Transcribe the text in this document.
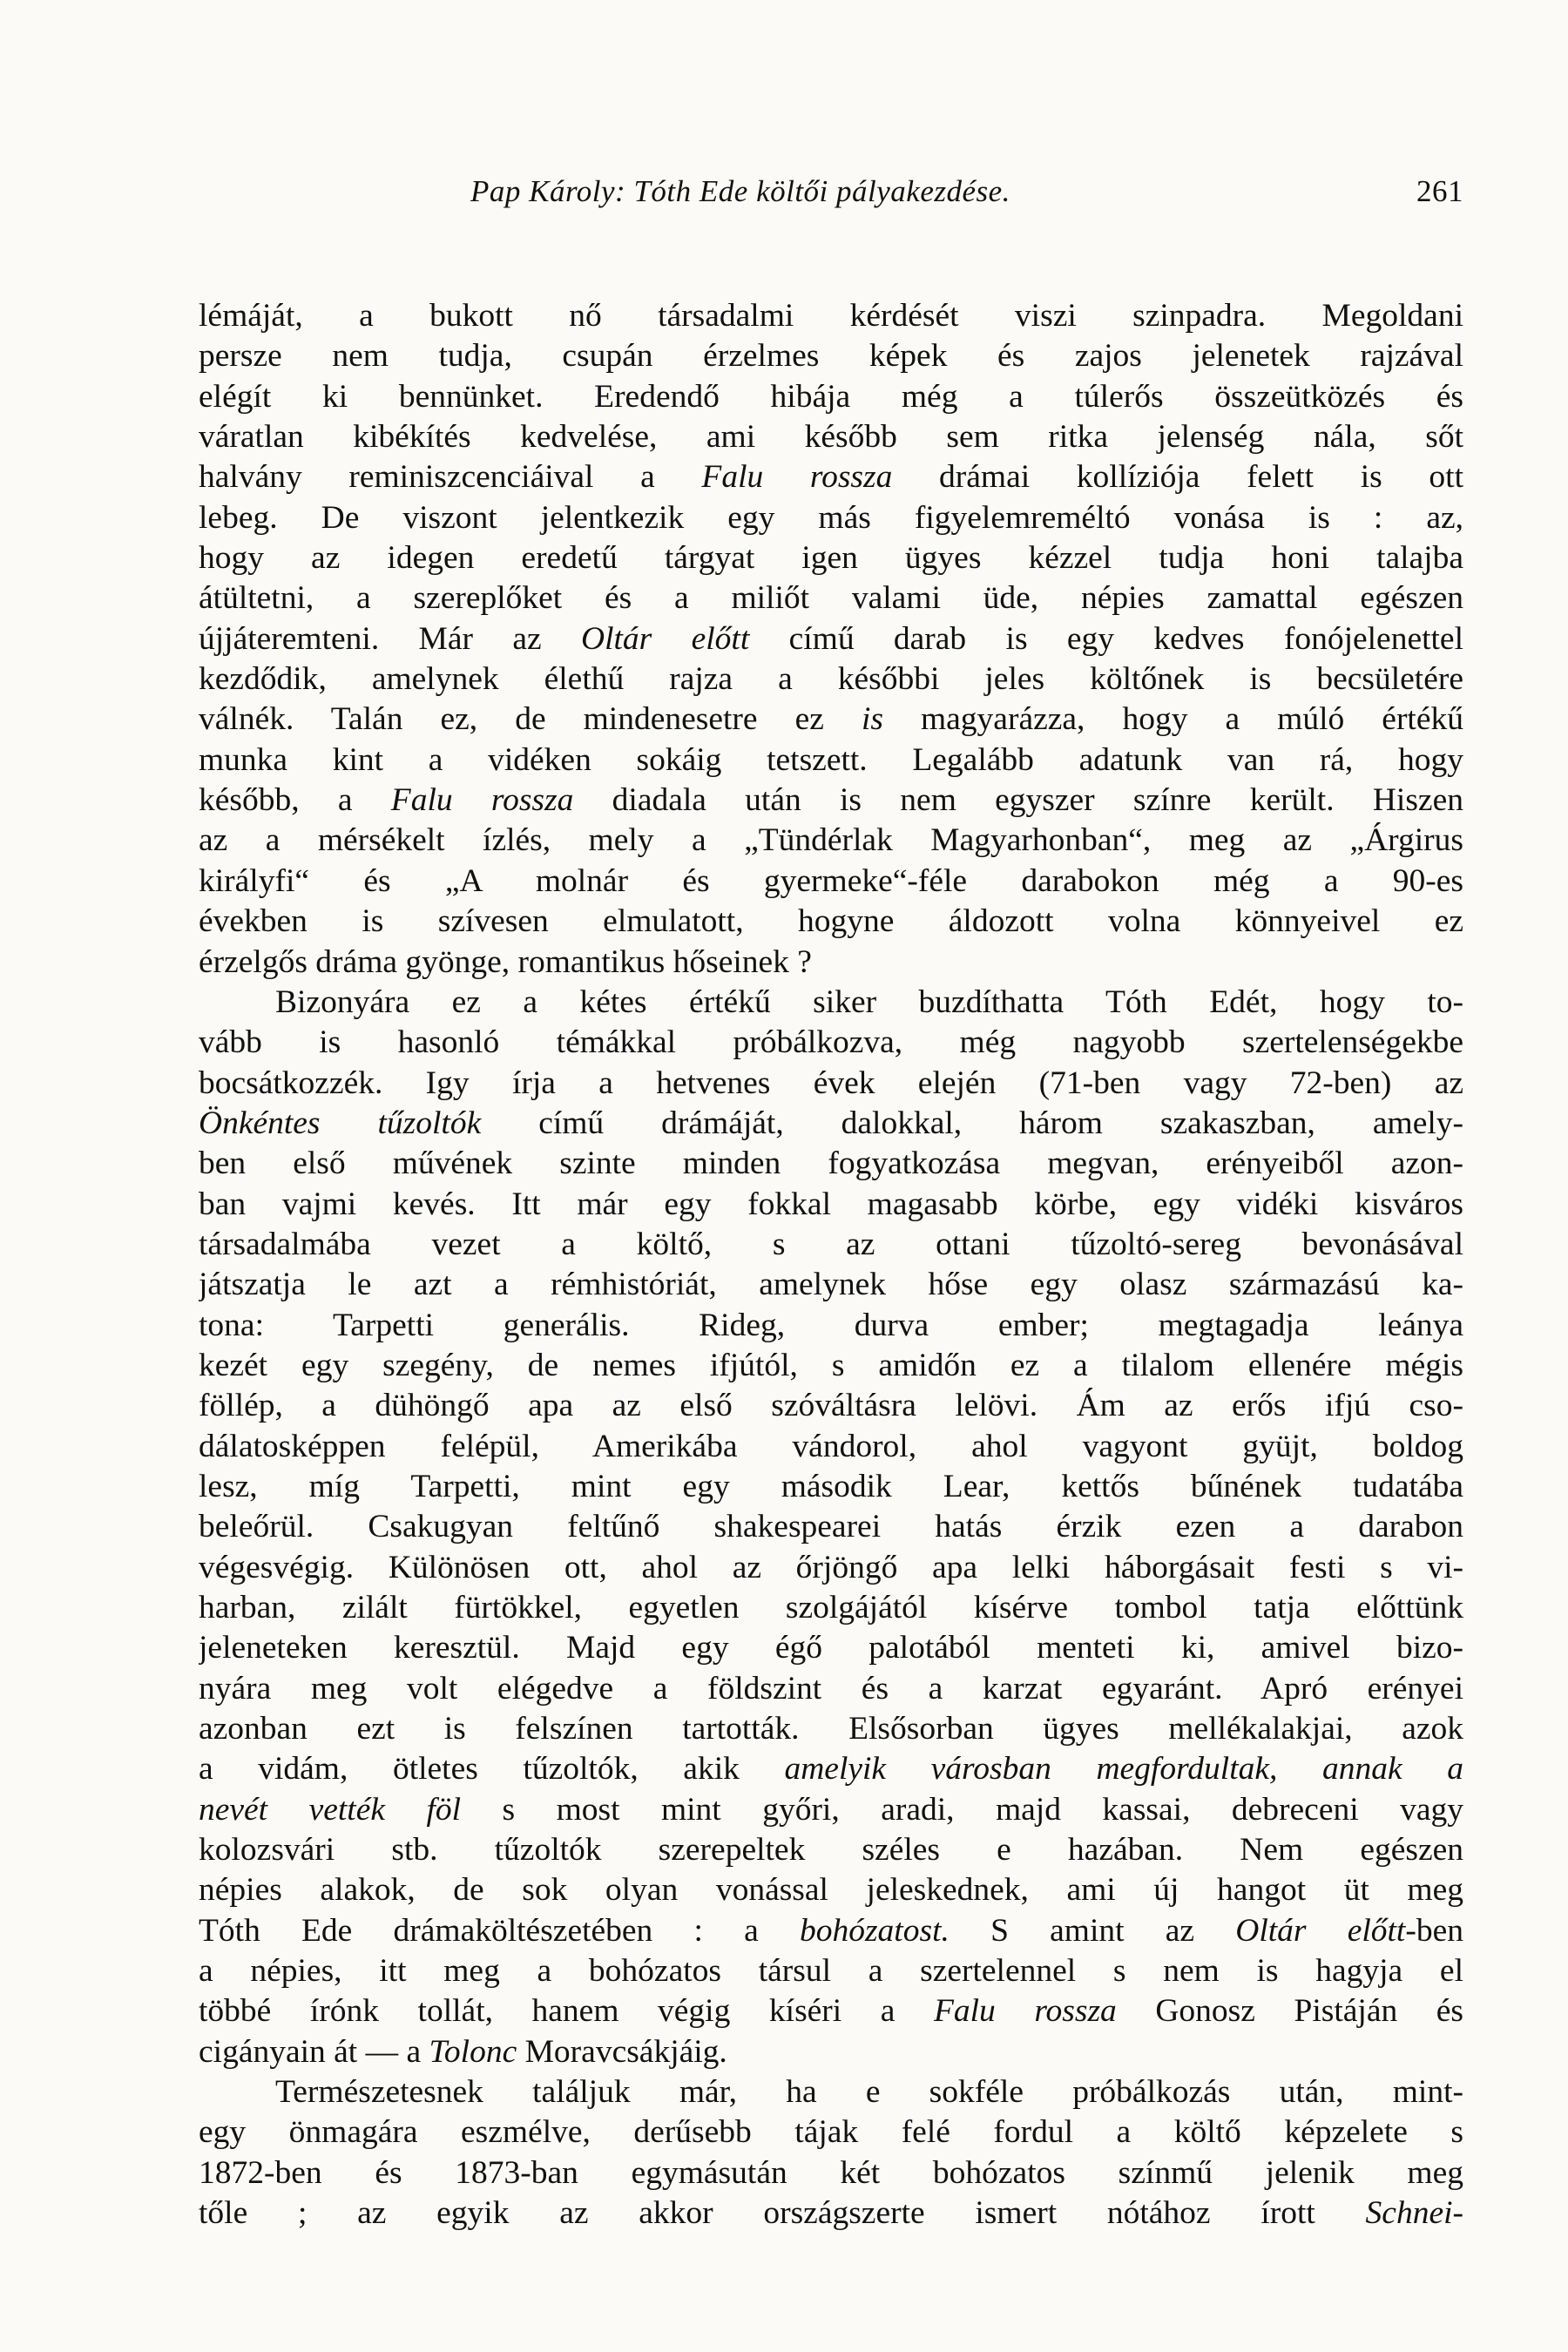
Pap Károly: Tóth Ede költői pályakezdése.	261
lémáját, a bukott nő társadalmi kérdését viszi szinpadra. Megoldani
persze nem tudja, csupán érzelmes képek és zajos jelenetek rajzával
elégít ki bennünket. Eredendő hibája még a túlerős összeütközés és
váratlan kibékítés kedvelése, ami később sem ritka jelenség nála, sőt
halvány reminiszcenciáival a Falu rossza drámai kollíziója felett is ott
lebeg. De viszont jelentkezik egy más figyelemreméltó vonása is : az,
hogy az idegen eredetű tárgyat igen ügyes kézzel tudja honi talajba
átültetni, a szereplőket és a miliőt valami üde, népies zamattal egészen
újjáteremteni. Már az Oltár előtt című darab is egy kedves fonójelenettel
kezdődik, amelynek élethű rajza a későbbi jeles költőnek is becsületére
válnék. Talán ez, de mindenesetre ez is magyarázza, hogy a múló értékű
munka kint a vidéken sokáig tetszett. Legalább adatunk van rá, hogy
később, a Falu rossza diadala után is nem egyszer színre került. Hiszen
az a mérsékelt ízlés, mely a „Tündérlak Magyarhonban“, meg az „Árgirus
királyfi“ és „A molnár és gyermeke“-féle darabokon még a 90-es
években is szívesen elmulatott, hogyne áldozott volna könnyeivel ez
érzelgős dráma gyönge, romantikus hőseinek ?
Bizonyára ez a kétes értékű siker buzdíthatta Tóth Edét, hogy to-
vább is hasonló témákkal próbálkozva, még nagyobb szertelenségekbe
bocsátkozzék. Igy írja a hetvenes évek elején (71-ben vagy 72-ben) az
Önkéntes tűzoltók című drámáját, dalokkal, három szakaszban, amely-
ben első művének szinte minden fogyatkozása megvan, erényeiből azon-
ban vajmi kevés. Itt már egy fokkal magasabb körbe, egy vidéki kisváros
társadalmába vezet a költő, s az ottani tűzoltó-sereg bevonásával
játszatja le azt a rémhistóriát, amelynek hőse egy olasz származású ka-
tona: Tarpetti generális. Rideg, durva ember; megtagadja leánya
kezét egy szegény, de nemes ifjútól, s amidőn ez a tilalom ellenére mégis
föllép, a dühöngő apa az első szóváltásra lelövi. Ám az erős ifjú cso-
dálatosképpen felépül, Amerikába vándorol, ahol vagyont gyüjt, boldog
lesz, míg Tarpetti, mint egy második Lear, kettős bűnének tudatába
beleőrül. Csakugyan feltűnő shakespearei hatás érzik ezen a darabon
végesvégig. Különösen ott, ahol az őrjöngő apa lelki háborgásait festi s vi-
harban, zilált fürtökkel, egyetlen szolgájától kísérve tombol tatja előttünk
jeleneteken keresztül. Majd egy égő palotából menteti ki, amivel bizo-
nyára meg volt elégedve a földszint és a karzat egyaránt. Apró erényei
azonban ezt is felszínen tartották. Elsősorban ügyes mellékalakjai, azok
a vidám, ötletes tűzoltók, akik amelyik városban megfordultak, annak a
nevét vették föl s most mint győri, aradi, majd kassai, debreceni vagy
kolozsvári stb. tűzoltók szerepeltek széles e hazában. Nem egészen
népies alakok, de sok olyan vonással jeleskednek, ami új hangot üt meg
Tóth Ede drámaköltészetében : a bohózatost. S amint az Oltár előtt-ben
a népies, itt meg a bohózatos társul a szertelennel s nem is hagyja el
többé írónk tollát, hanem végig kíséri a Falu rossza Gonosz Pistáján és
cigányain át — a Tolonc Moravcsákjáig.
Természetesnek találjuk már, ha e sokféle próbálkozás után, mint-
egy önmagára eszmélve, derűsebb tájak felé fordul a költő képzelete s
1872-ben és 1873-ban egymásután két bohózatos színmű jelenik meg
tőle ; az egyik az akkor országszerte ismert nótához írott Schnei-
